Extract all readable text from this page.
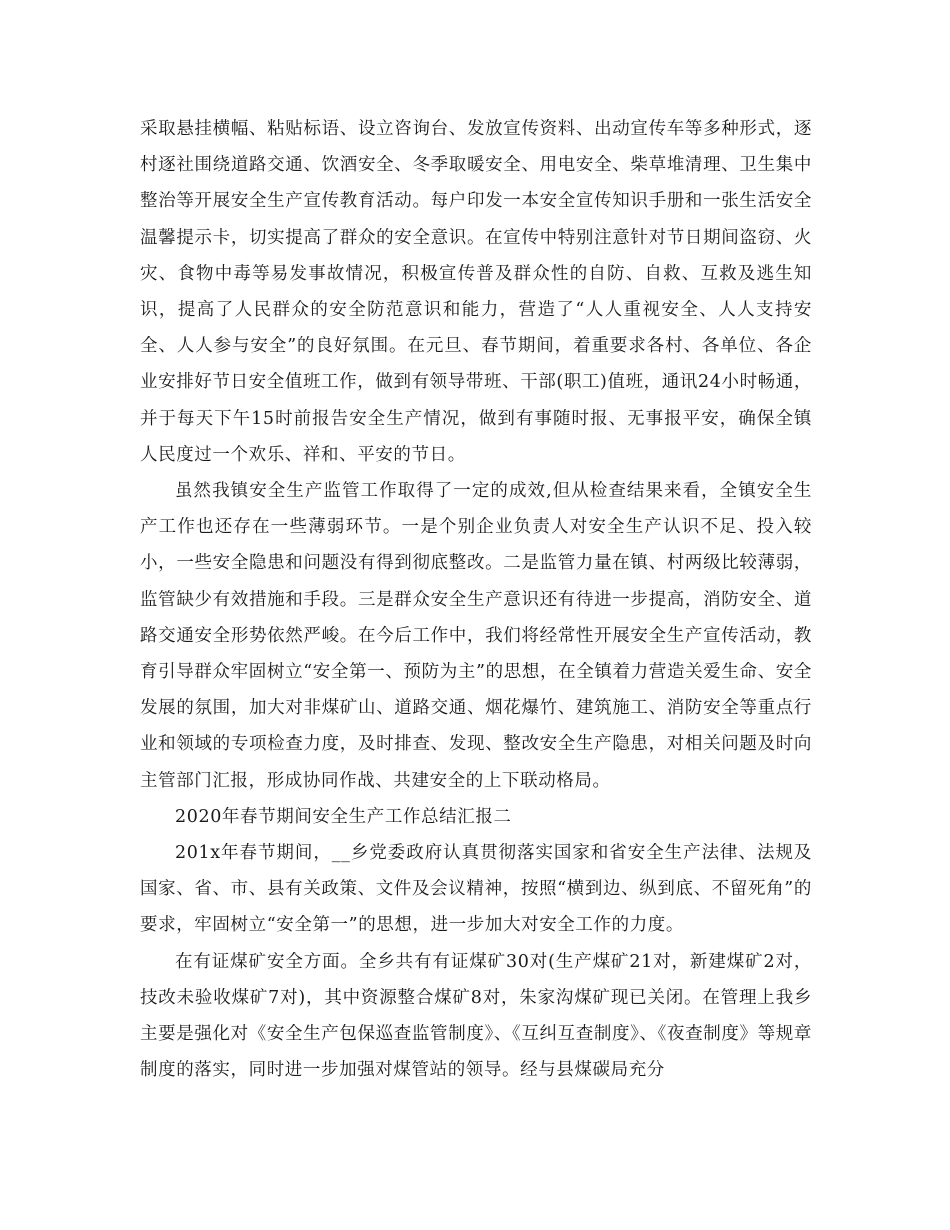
采取悬挂横幅、粘贴标语、设立咨询台、发放宣传资料、出动宣传车等多种形式，逐村逐社围绕道路交通、饮酒安全、冬季取暖安全、用电安全、柴草堆清理、卫生集中整治等开展安全生产宣传教育活动。每户印发一本安全宣传知识手册和一张生活安全温馨提示卡，切实提高了群众的安全意识。在宣传中特别注意针对节日期间盗窃、火灾、食物中毒等易发事故情况，积极宣传普及群众性的自防、自救、互救及逃生知识，提高了人民群众的安全防范意识和能力，营造了“人人重视安全、人人支持安全、人人参与安全”的良好氛围。在元旦、春节期间，着重要求各村、各单位、各企业安排好节日安全值班工作，做到有领导带班、干部(职工)值班，通讯24小时畅通，并于每天下午15时前报告安全生产情况，做到有事随时报、无事报平安，确保全镇人民度过一个欢乐、祥和、平安的节日。

虽然我镇安全生产监管工作取得了一定的成效,但从检查结果来看，全镇安全生产工作也还存在一些薄弱环节。一是个别企业负责人对安全生产认识不足、投入较小，一些安全隐患和问题没有得到彻底整改。二是监管力量在镇、村两级比较薄弱，监管缺少有效措施和手段。三是群众安全生产意识还有待进一步提高，消防安全、道路交通安全形势依然严峻。在今后工作中，我们将经常性开展安全生产宣传活动，教育引导群众牢固树立“安全第一、预防为主”的思想，在全镇着力营造关爱生命、安全发展的氛围，加大对非煤矿山、道路交通、烟花爆竹、建筑施工、消防安全等重点行业和领域的专项检查力度，及时排查、发现、整改安全生产隐患，对相关问题及时向主管部门汇报，形成协同作战、共建安全的上下联动格局。

2020年春节期间安全生产工作总结汇报二

201x年春节期间，__乡党委政府认真贯彻落实国家和省安全生产法律、法规及国家、省、市、县有关政策、文件及会议精神，按照“横到边、纵到底、不留死角”的要求，牢固树立“安全第一”的思想，进一步加大对安全工作的力度。

在有证煤矿安全方面。全乡共有有证煤矿30对(生产煤矿21对，新建煤矿2对，技改未验收煤矿7对)，其中资源整合煤矿8对，朱家沟煤矿现已关闭。在管理上我乡主要是强化对《安全生产包保巡查监管制度》、《互纠互查制度》、《夜查制度》等规章制度的落实，同时进一步加强对煤管站的领导。经与县煤碳局充分
